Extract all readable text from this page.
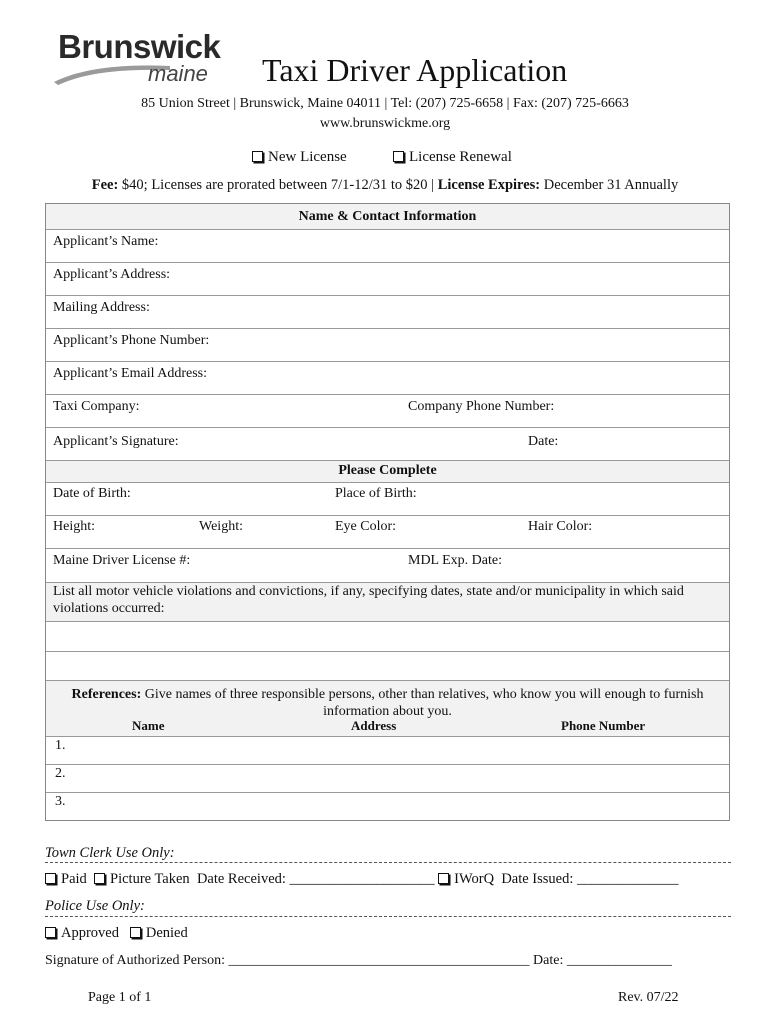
Brunswick
maine Taxi Driver Application
85 Union Street | Brunswick, Maine 04011 | Tel: (207) 725-6658 | Fax: (207) 725-6663
www.brunswickme.org
New License	License Renewal
Fee: $40; Licenses are prorated between 7/1-12/31 to $20 | License Expires: December 31 Annually
Name & Contact Information
Applicant’s Name:
Applicant’s Address:
Mailing Address:
Applicant’s Phone Number:
Applicant’s Email Address:
Taxi Company:	Company Phone Number:
Applicant’s Signature:	Date:
Please Complete
Date of Birth:	Place of Birth:
Height:	Weight:	Eye Color:	Hair Color:
Maine Driver License #:	MDL Exp. Date:
List all motor vehicle violations and convictions, if any, specifying dates, state and/or municipality in which said violations occurred:
References: Give names of three responsible persons, other than relatives, who know you will enough to furnish information about you.
Name	Address	Phone Number
1.
2.
3.
Town Clerk Use Only:
Paid Picture Taken Date Received: ____________________ IWorQ Date Issued: ______________
Police Use Only:
Approved Denied
Signature of Authorized Person: ___________________________________________ Date: _______________
Page 1 of 1	Rev. 07/22
